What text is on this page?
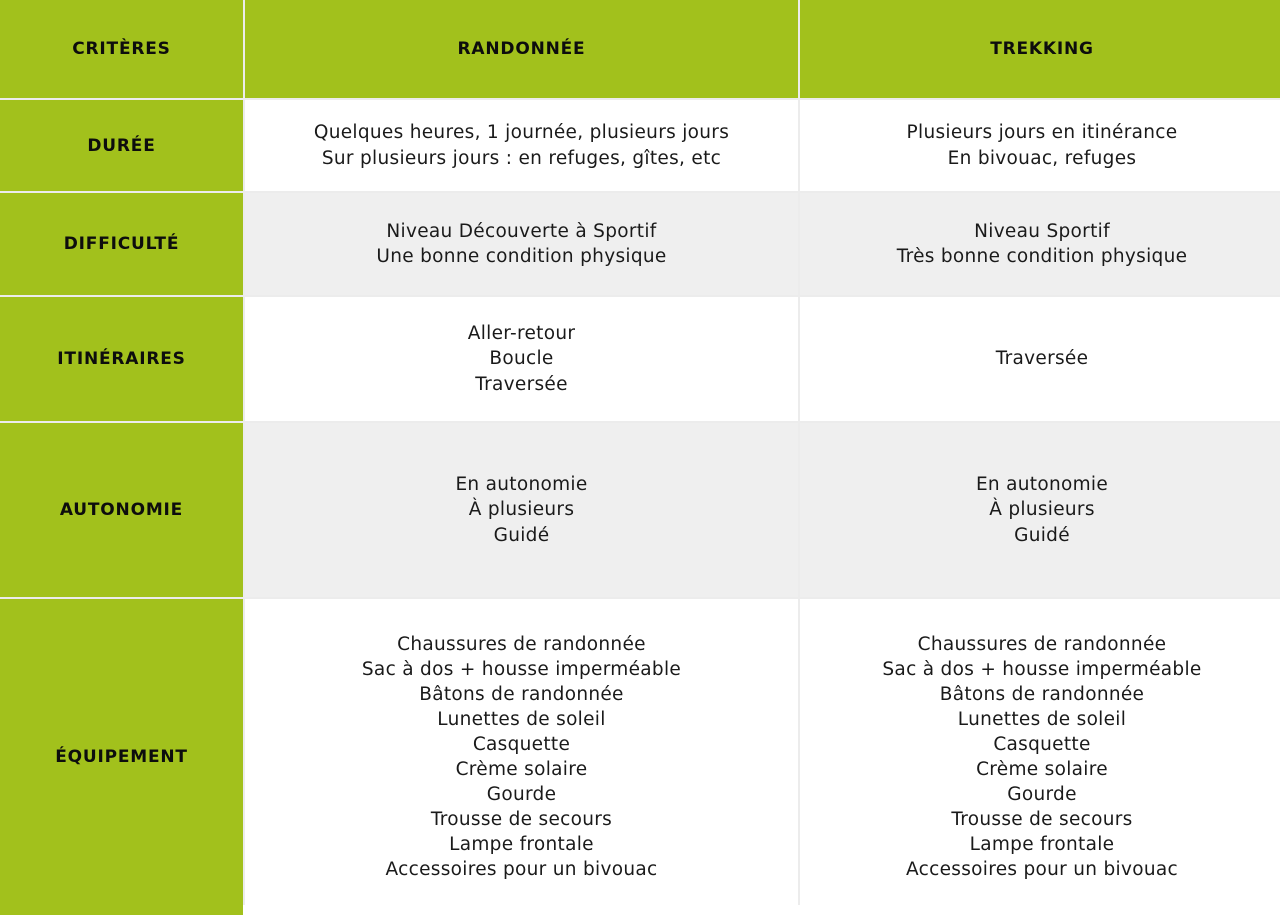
CRITÈRES	RANDONNÉE	TREKKING
DURÉE
Quelques heures, 1 journée, plusieurs jours
Sur plusieurs jours : en refuges, gîtes, etc
Plusieurs jours en itinérance
En bivouac, refuges
DIFFICULTÉ
Niveau Découverte à Sportif
Une bonne condition physique
Niveau Sportif
Très bonne condition physique
ITINÉRAIRES
Aller-retour
Boucle
Traversée
Traversée
AUTONOMIE
En autonomie
À plusieurs
Guidé
En autonomie
À plusieurs
Guidé
ÉQUIPEMENT
Chaussures de randonnée
Sac à dos + housse imperméable
Bâtons de randonnée
Lunettes de soleil
Casquette
Crème solaire
Gourde
Trousse de secours
Lampe frontale
Accessoires pour un bivouac
Chaussures de randonnée
Sac à dos + housse imperméable
Bâtons de randonnée
Lunettes de soleil
Casquette
Crème solaire
Gourde
Trousse de secours
Lampe frontale
Accessoires pour un bivouac
